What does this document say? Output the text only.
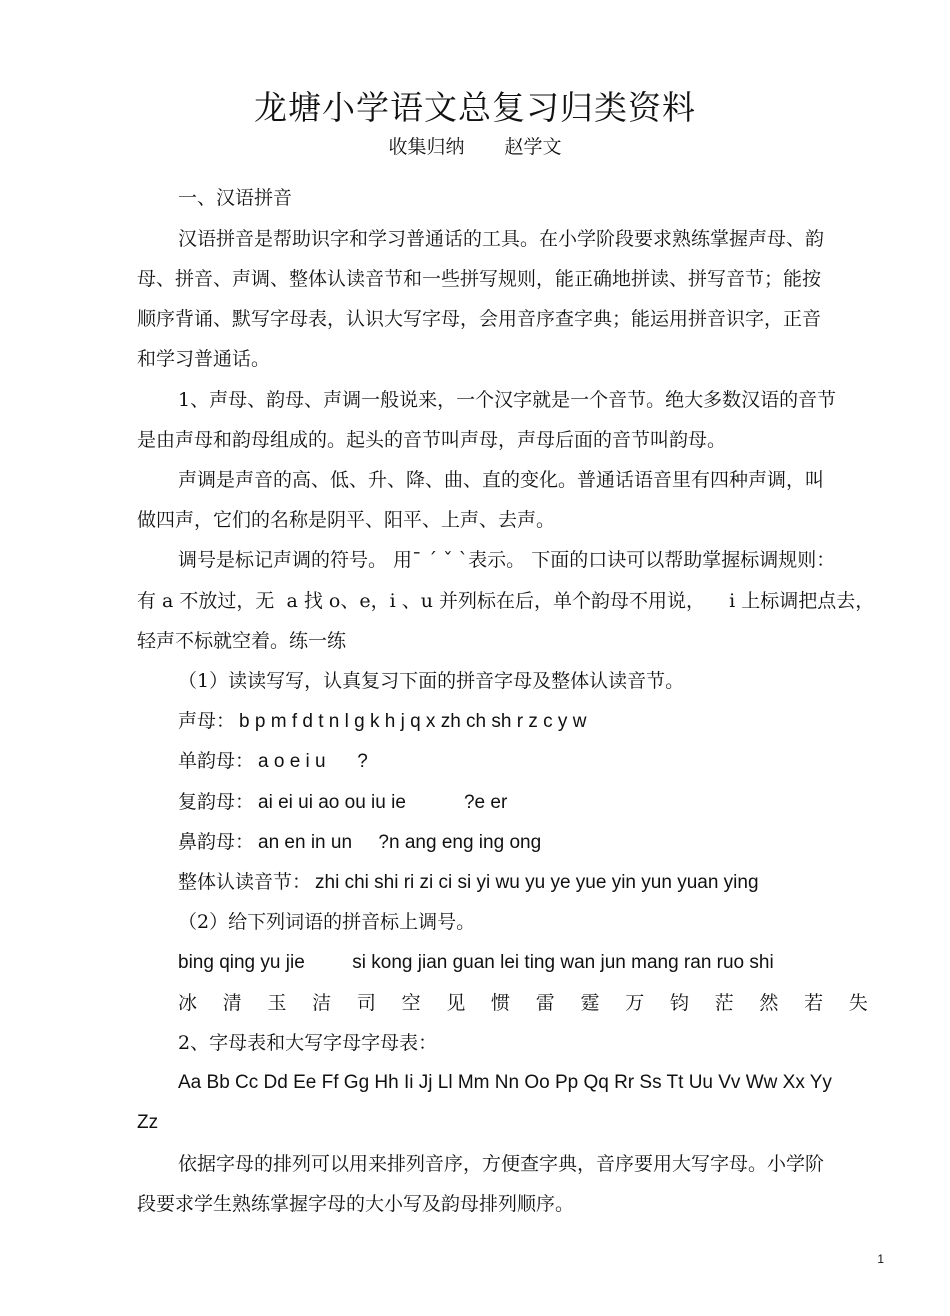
龙塘小学语文总复习归类资料
收集归纳 赵学文
一、汉语拼音
汉语拼音是帮助识字和学习普通话的工具。在小学阶段要求熟练掌握声母、韵
母、拼音、声调、整体认读音节和一些拼写规则，能正确地拼读、拼写音节；能按
顺序背诵、默写字母表，认识大写字母，会用音序查字典；能运用拼音识字，正音
和学习普通话。
1、声母、韵母、声调一般说来，一个汉字就是一个音节。绝大多数汉语的音节
是由声母和韵母组成的。起头的音节叫声母，声母后面的音节叫韵母。
声调是声音的高、低、升、降、曲、直的变化。普通话语音里有四种声调，叫
做四声，它们的名称是阴平、阳平、上声、去声。
调号是标记声调的符号。 用ˉ ˊ ˇ ˋ表示。 下面的口诀可以帮助掌握标调规则：
有 a 不放过，无  a 找 o、e，i 、u 并列标在后，单个韵母不用说，    i 上标调把点去，
轻声不标就空着。练一练
（1）读读写写，认真复习下面的拼音字母及整体认读音节。
声母： b p m f d t n l g k h j q x zh ch sh r z c y w
单韵母： a o e i u      ?
复韵母： ai ei ui ao ou iu ie           ?e er
鼻韵母： an en in un     ?n ang eng ing ong
整体认读音节： zhi chi shi ri zi ci si yi wu yu ye yue yin yun yuan ying
（2）给下列词语的拼音标上调号。
bing qing yu jie         si kong jian guan lei ting wan jun mang ran ruo shi
冰 清 玉 洁 司 空 见 惯 雷 霆 万 钧 茫 然 若 失
2、字母表和大写字母字母表：
Aa Bb Cc Dd Ee Ff Gg Hh Ii Jj Ll Mm Nn Oo Pp Qq Rr Ss Tt Uu Vv Ww Xx Yy
Zz
依据字母的排列可以用来排列音序，方便查字典，音序要用大写字母。小学阶
段要求学生熟练掌握字母的大小写及韵母排列顺序。
1
